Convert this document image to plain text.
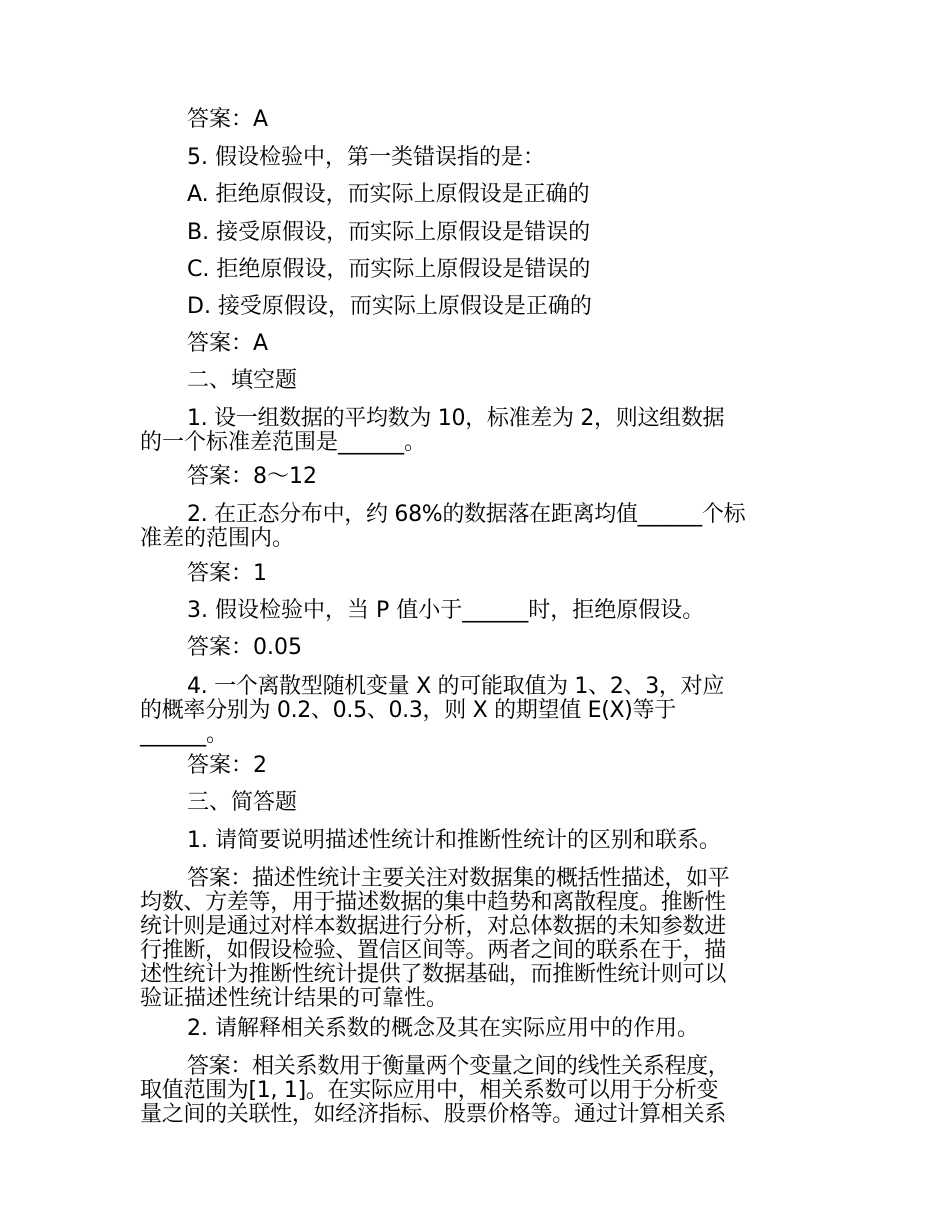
答案：A
5. 假设检验中，第一类错误指的是：
A. 拒绝原假设，而实际上原假设是正确的
B. 接受原假设，而实际上原假设是错误的
C. 拒绝原假设，而实际上原假设是错误的
D. 接受原假设，而实际上原假设是正确的
答案：A
二、填空题
1. 设一组数据的平均数为 10，标准差为 2，则这组数据
的一个标准差范围是______。
答案：8～12
2. 在正态分布中，约 68%的数据落在距离均值______个标
准差的范围内。
答案：1
3. 假设检验中，当 P 值小于______时，拒绝原假设。
答案：0.05
4. 一个离散型随机变量 X 的可能取值为 1、2、3，对应
的概率分别为 0.2、0.5、0.3，则 X 的期望值 E(X)等于
______。
答案：2
三、简答题
1. 请简要说明描述性统计和推断性统计的区别和联系。
答案：描述性统计主要关注对数据集的概括性描述，如平
均数、方差等，用于描述数据的集中趋势和离散程度。推断性
统计则是通过对样本数据进行分析，对总体数据的未知参数进
行推断，如假设检验、置信区间等。两者之间的联系在于，描
述性统计为推断性统计提供了数据基础，而推断性统计则可以
验证描述性统计结果的可靠性。
2. 请解释相关系数的概念及其在实际应用中的作用。
答案：相关系数用于衡量两个变量之间的线性关系程度，
取值范围为[1, 1]。在实际应用中，相关系数可以用于分析变
量之间的关联性，如经济指标、股票价格等。通过计算相关系
